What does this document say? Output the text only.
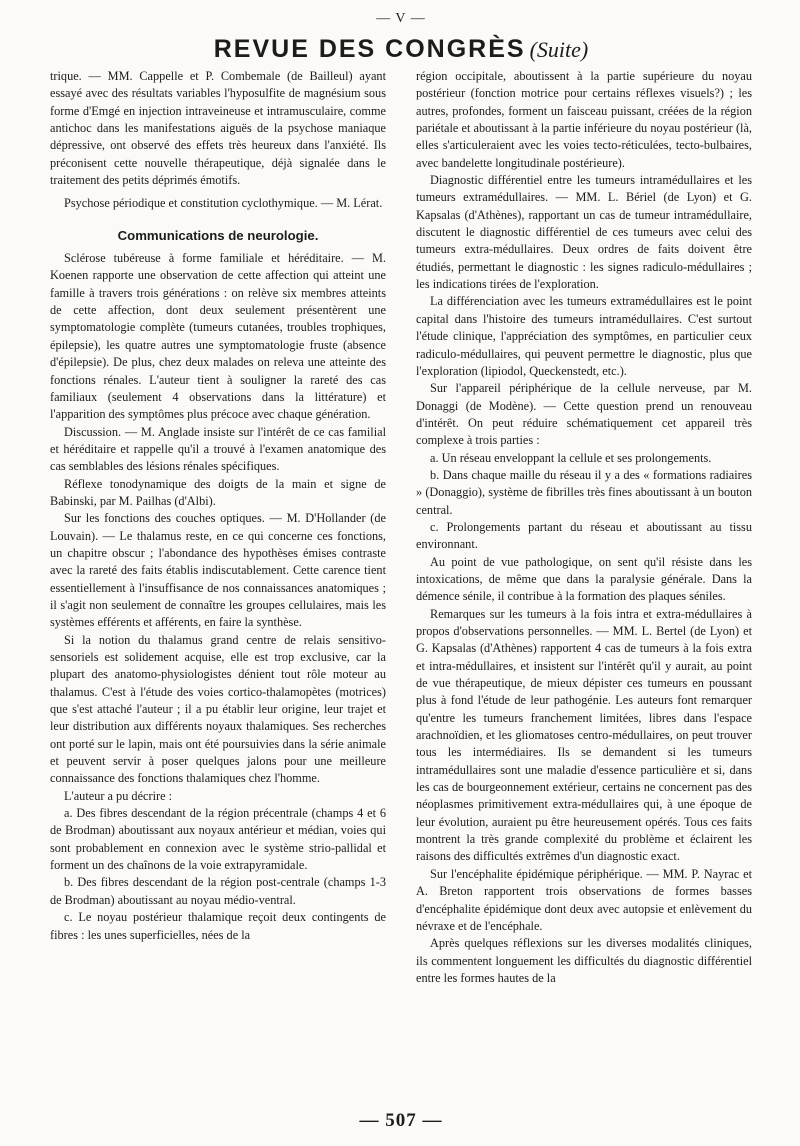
— V —
REVUE DES CONGRÈS (Suite)

trique. — MM. Cappelle et P. Combemale (de Bailleul) ayant essayé avec des résultats variables l'hyposulfite de magnésium sous forme d'Emgé en injection intraveineuse et intramusculaire, comme antichoc dans les manifestations aiguës de la psychose maniaque dépressive, ont observé des effets très heureux dans l'anxiété. Ils préconisent cette nouvelle thérapeutique, déjà signalée dans le traitement des petits déprimés émotifs.

Psychose périodique et constitution cyclothymique. — M. Lérat.

Communications de neurologie.

Sclérose tubéreuse à forme familiale et héréditaire. — M. Koenen rapporte une observation de cette affection qui atteint une famille à travers trois générations : on relève six membres atteints de cette affection, dont deux seulement présentèrent une symptomatologie complète (tumeurs cutanées, troubles trophiques, épilepsie), les quatre autres une symptomatologie fruste (absence d'épilepsie). De plus, chez deux malades on releva une atteinte des fonctions rénales. L'auteur tient à souligner la rareté des cas familiaux (seulement 4 observations dans la littérature) et l'apparition des symptômes plus précoce avec chaque génération.

Discussion. — M. Anglade insiste sur l'intérêt de ce cas familial et héréditaire et rappelle qu'il a trouvé à l'examen anatomique des cas semblables des lésions rénales spécifiques.

Réflexe tonodynamique des doigts de la main et signe de Babinski, par M. Pailhas (d'Albi).

Sur les fonctions des couches optiques. — M. D'Hollander (de Louvain). — Le thalamus reste, en ce qui concerne ces fonctions, un chapitre obscur ; l'abondance des hypothèses émises contraste avec la rareté des faits établis indiscutablement. Cette carence tient essentiellement à l'insuffisance de nos connaissances anatomiques ; il s'agit non seulement de connaître les groupes cellulaires, mais les systèmes efférents et afférents, en faire la synthèse.

Si la notion du thalamus grand centre de relais sensitivo-sensoriels est solidement acquise, elle est trop exclusive, car la plupart des anatomo-physiologistes dénient tout rôle moteur au thalamus. C'est à l'étude des voies cortico-thalamopètes (motrices) que s'est attaché l'auteur ; il a pu établir leur origine, leur trajet et leur distribution aux différents noyaux thalamiques. Ses recherches ont porté sur le lapin, mais ont été poursuivies dans la série animale et peuvent servir à poser quelques jalons pour une meilleure connaissance des fonctions thalamiques chez l'homme.

L'auteur a pu décrire :

a. Des fibres descendant de la région précentrale (champs 4 et 6 de Brodman) aboutissant aux noyaux antérieur et médian, voies qui sont probablement en connexion avec le système strio-pallidal et forment un des chaînons de la voie extrapyramidale.

b. Des fibres descendant de la région post-centrale (champs 1-3 de Brodman) aboutissant au noyau médio-ventral.

c. Le noyau postérieur thalamique reçoit deux contingents de fibres : les unes superficielles, nées de la

région occipitale, aboutissent à la partie supérieure du noyau postérieur (fonction motrice pour certains réflexes visuels?) ; les autres, profondes, forment un faisceau puissant, créées de la région pariétale et aboutissant à la partie inférieure du noyau postérieur (là, elles s'articuleraient avec les voies tecto-réticulées, tecto-bulbaires, avec bandelette longitudinale postérieure).

Diagnostic différentiel entre les tumeurs intramédullaires et les tumeurs extramédullaires. — MM. L. Bériel (de Lyon) et G. Kapsalas (d'Athènes), rapportant un cas de tumeur intramédullaire, discutent le diagnostic différentiel de ces tumeurs avec celui des tumeurs extra-médullaires. Deux ordres de faits doivent être étudiés, permettant le diagnostic : les signes radiculo-médullaires ; les indications tirées de l'exploration.

La différenciation avec les tumeurs extramédullaires est le point capital dans l'histoire des tumeurs intramédullaires. C'est surtout l'étude clinique, l'appréciation des symptômes, en particulier ceux radiculo-médullaires, qui peuvent permettre le diagnostic, plus que l'exploration (lipiodol, Queckenstedt, etc.).

Sur l'appareil périphérique de la cellule nerveuse, par M. Donaggi (de Modène). — Cette question prend un renouveau d'intérêt. On peut réduire schématiquement cet appareil très complexe à trois parties :

a. Un réseau enveloppant la cellule et ses prolongements.

b. Dans chaque maille du réseau il y a des « formations radiaires » (Donaggio), système de fibrilles très fines aboutissant à un bouton central.

c. Prolongements partant du réseau et aboutissant au tissu environnant.

Au point de vue pathologique, on sent qu'il résiste dans les intoxications, de même que dans la paralysie générale. Dans la démence sénile, il contribue à la formation des plaques séniles.

Remarques sur les tumeurs à la fois intra et extra-médullaires à propos d'observations personnelles. — MM. L. Bertel (de Lyon) et G. Kapsalas (d'Athènes) rapportent 4 cas de tumeurs à la fois extra et intra-médullaires, et insistent sur l'intérêt qu'il y aurait, au point de vue thérapeutique, de mieux dépister ces tumeurs en poussant plus à fond l'étude de leur pathogénie. Les auteurs font remarquer qu'entre les tumeurs franchement limitées, libres dans l'espace arachnoïdien, et les gliomatoses centro-médullaires, on peut trouver tous les intermédiaires. Ils se demandent si les tumeurs intramédullaires sont une maladie d'essence particulière et si, dans les cas de bourgeonnement extérieur, certains ne concernent pas des néoplasmes primitivement extra-médullaires qui, à une époque de leur évolution, auraient pu être heureusement opérés. Tous ces faits montrent la très grande complexité du problème et éclairent les raisons des difficultés extrêmes d'un diagnostic exact.

Sur l'encéphalite épidémique périphérique. — MM. P. Nayrac et A. Breton rapportent trois observations de formes basses d'encéphalite épidémique dont deux avec autopsie et enlèvement du névraxe et de l'encéphale.

Après quelques réflexions sur les diverses modalités cliniques, ils commentent longuement les difficultés du diagnostic différentiel entre les formes hautes de la

— 507 —
